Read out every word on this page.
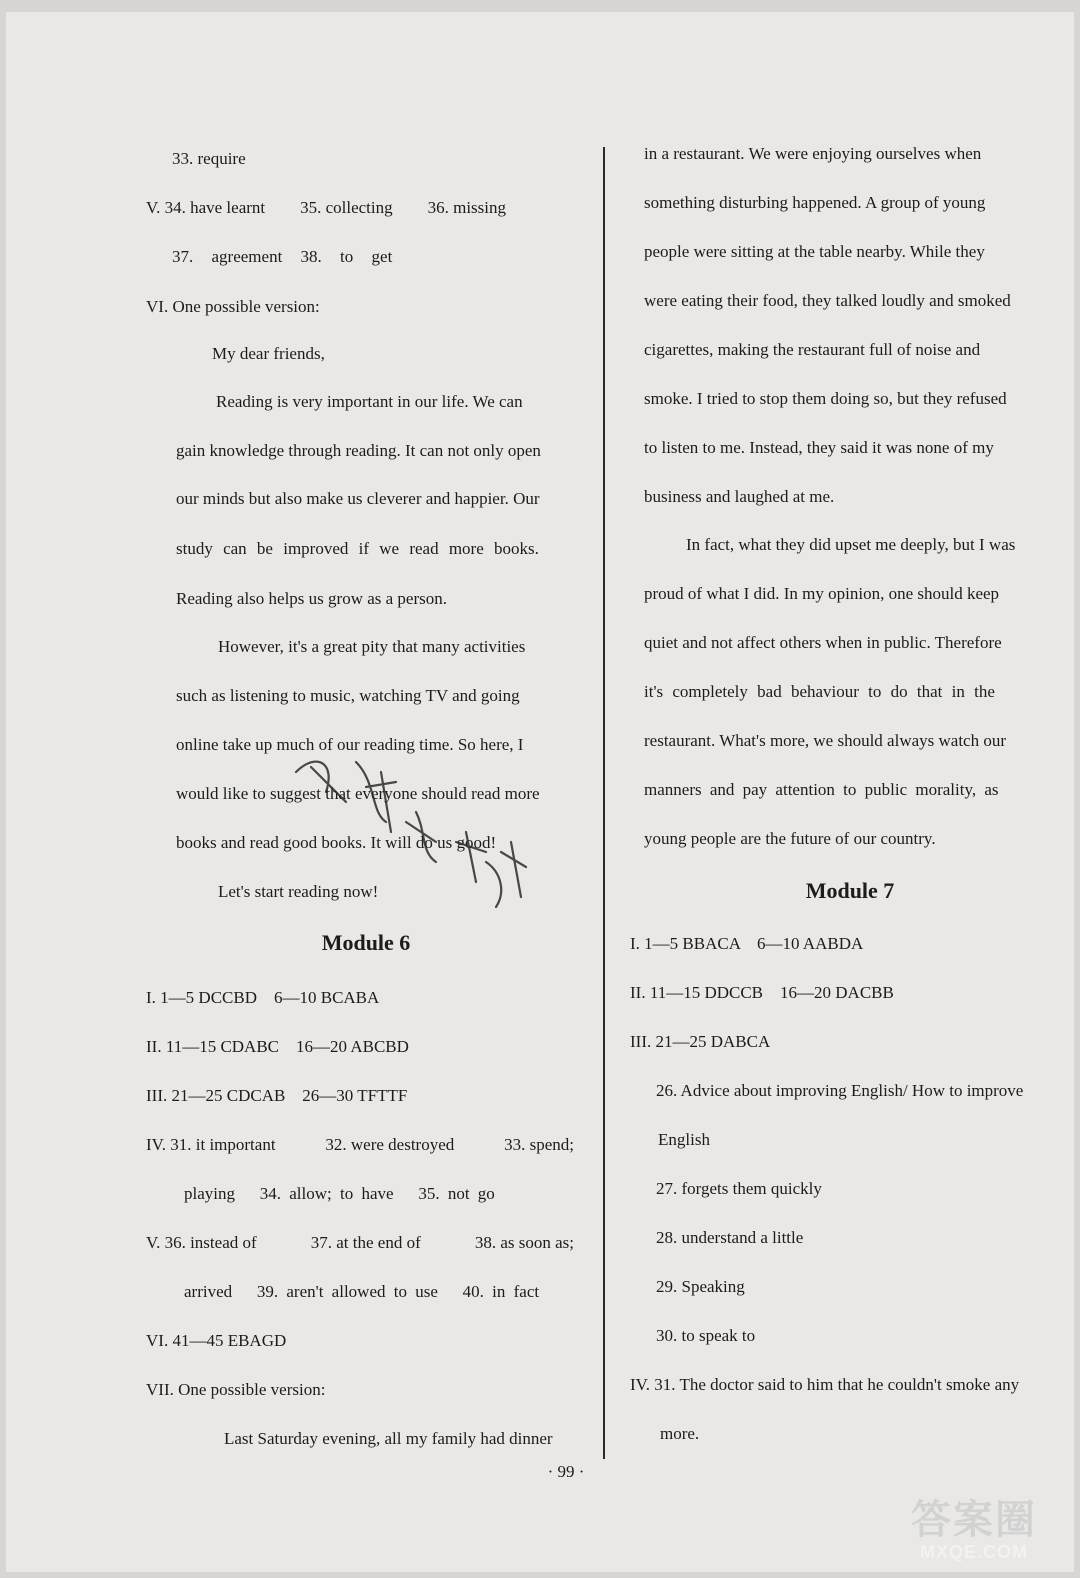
33. require
V. 34. have learnt 35. collecting 36. missing
37. agreement 38. to get
VI. One possible version:
My dear friends,
Reading is very important in our life. We can
gain knowledge through reading. It can not only open
our minds but also make us cleverer and happier. Our
study can be improved if we read more books.
Reading also helps us grow as a person.
However, it's a great pity that many activities
such as listening to music, watching TV and going
online take up much of our reading time. So here, I
would like to suggest that everyone should read more
books and read good books. It will do us good!
Let's start reading now!
Module 6
I. 1—5 DCCBD    6—10 BCABA
II. 11—15 CDABC    16—20 ABCBD
III. 21—25 CDCAB    26—30 TFTTF
IV. 31. it important	32. were destroyed	33. spend;
playing 34. allow; to have 35. not go
V. 36. instead of	37. at the end of	38. as soon as;
arrived 39. aren't allowed to use 40. in fact
VI. 41—45 EBAGD
VII. One possible version:
Last Saturday evening, all my family had dinner
in a restaurant. We were enjoying ourselves when
something disturbing happened. A group of young
people were sitting at the table nearby. While they
were eating their food, they talked loudly and smoked
cigarettes, making the restaurant full of noise and
smoke. I tried to stop them doing so, but they refused
to listen to me. Instead, they said it was none of my
business and laughed at me.
In fact, what they did upset me deeply, but I was
proud of what I did. In my opinion, one should keep
quiet and not affect others when in public. Therefore
it's completely bad behaviour to do that in the
restaurant. What's more, we should always watch our
manners and pay attention to public morality, as
young people are the future of our country.
Module 7
I. 1—5 BBACA    6—10 AABDA
II. 11—15 DDCCB    16—20 DACBB
III. 21—25 DABCA
26. Advice about improving English/ How to improve
English
27. forgets them quickly
28. understand a little
29. Speaking
30. to speak to
IV. 31. The doctor said to him that he couldn't smoke any
more.
· 99 ·
答案圈
MXQE.COM
